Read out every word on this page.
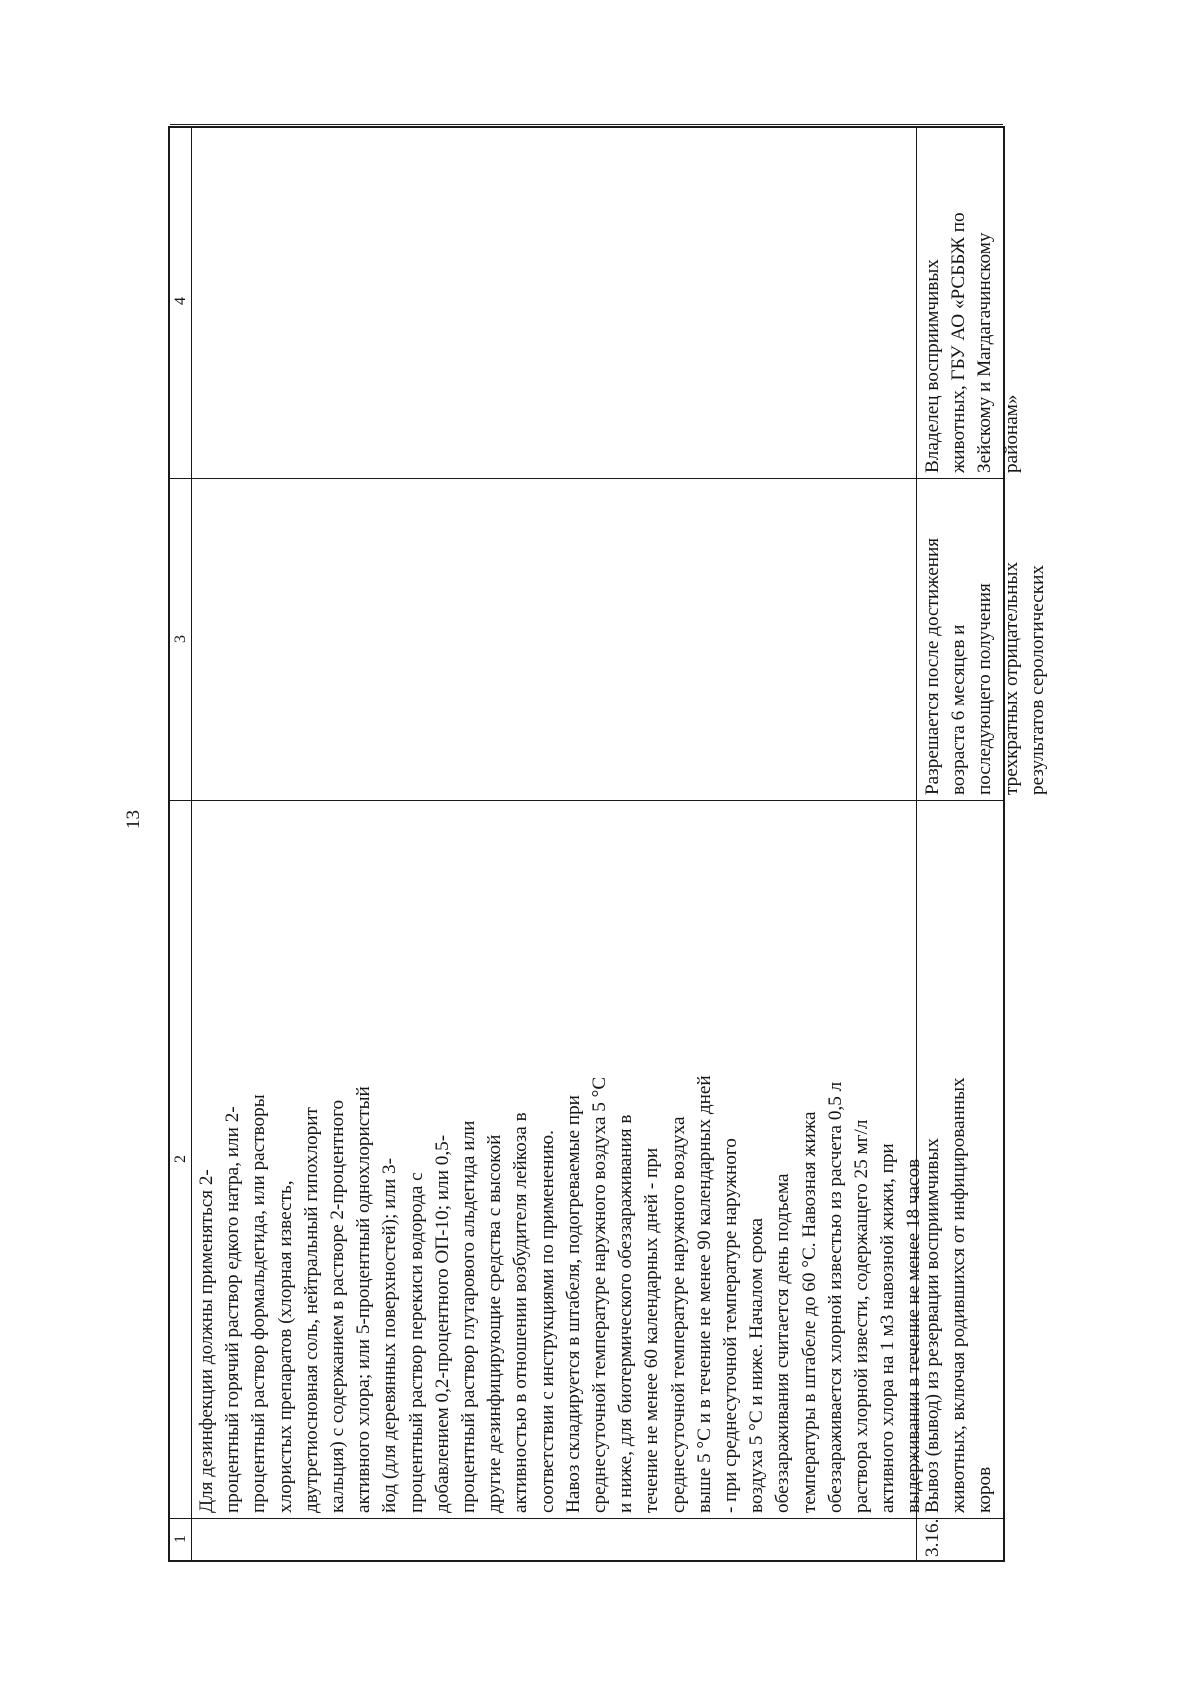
13
1
2
3
4

Для дезинфекции должны применяться 2- процентный горячий раствор едкого натра, или 2- процентный раствор формальдегида, или растворы хлористых препаратов (хлорная известь, двутретиосновная соль, нейтральный гипохлорит кальция) с содержанием в растворе 2-процентного активного хлора; или 5-процентный однохлористый йод (для деревянных поверхностей); или 3- процентный раствор перекиси водорода с добавлением 0,2-процентного ОП-10; или 0,5- процентный раствор глутарового альдегида или другие дезинфицирующие средства с высокой активностью в отношении возбудителя лейкоза в соответствии с инструкциями по применению. Навоз складируется в штабеля, подогреваемые при среднесуточной температуре наружного воздуха 5 °С и ниже, для биотермического обеззараживания в течение не менее 60 календарных дней - при среднесуточной температуре наружного воздуха выше 5 °С и в течение не менее 90 календарных дней - при среднесуточной температуре наружного воздуха 5 °С и ниже. Началом срока обеззараживания считается день подъема температуры в штабеле до 60 °С. Навозная жижа обеззараживается хлорной известью из расчета 0,5 л раствора хлорной извести, содержащего 25 мг/л активного хлора на 1 м3 навозной жижи, при выдерживании в течение не менее 18 часов

3.16.

Вывоз (вывод) из резервации восприимчивых животных, включая родившихся от инфицированных коров

Разрешается после достижения возраста 6 месяцев и последующего получения трехкратных отрицательных результатов серологических

Владелец восприимчивых животных, ГБУ АО «РСББЖ по Зейскому и Магдагачинскому районам»
